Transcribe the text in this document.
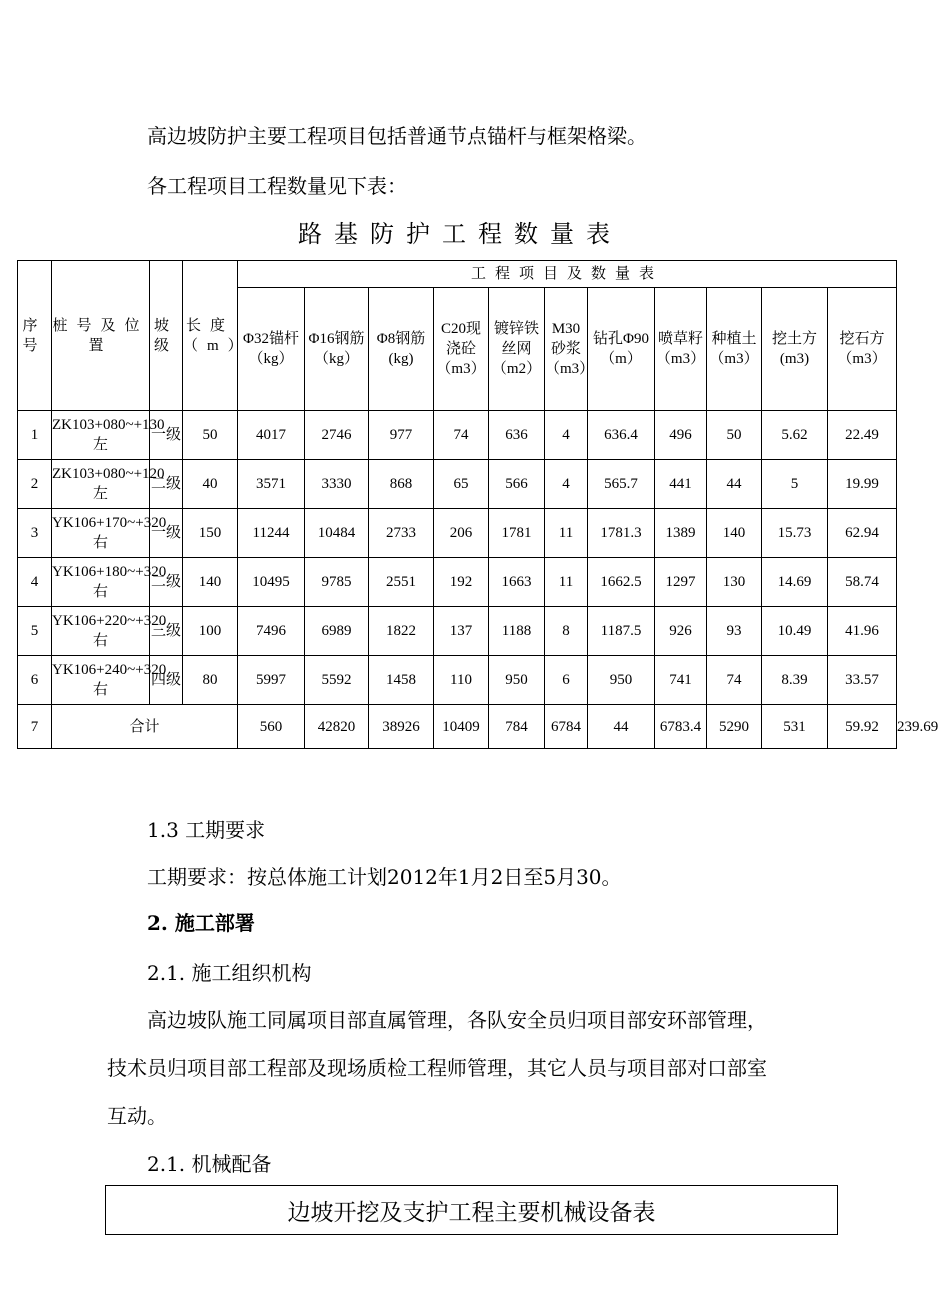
高边坡防护主要工程项目包括普通节点锚杆与框架格梁。
各工程项目工程数量见下表：
路基防护工程数量表
序号	桩号及位置	坡级	长度（m）	工程项目及数量表											
				Φ32锚杆（kg）	Φ16钢筋（kg）	Φ8钢筋(kg)	C20现浇砼（m3）	镀锌铁丝网（m2）	M30砂浆（m3）	钻孔Φ90（m）	喷草籽（m3）	种植土（m3）	挖土方(m3)	挖石方（m3）	
1	ZK103+080~+130左	一级	50	4017	2746	977	74	636	4	636.4	496	50	5.62	22.49	
2	ZK103+080~+120左	二级	40	3571	3330	868	65	566	4	565.7	441	44	5	19.99	
3	YK106+170~+320右	一级	150	11244	10484	2733	206	1781	11	1781.3	1389	140	15.73	62.94	
4	YK106+180~+320右	二级	140	10495	9785	2551	192	1663	11	1662.5	1297	130	14.69	58.74	
5	YK106+220~+320右	三级	100	7496	6989	1822	137	1188	8	1187.5	926	93	10.49	41.96	
6	YK106+240~+320右	四级	80	5997	5592	1458	110	950	6	950	741	74	8.39	33.57	
7	合计			560	42820	38926	10409	784	6784	44	6783.4	5290	531	59.92	239.69
1.3 工期要求
工期要求：按总体施工计划2012年1月2日至5月30。
2. 施工部署
2.1. 施工组织机构
高边坡队施工同属项目部直属管理，各队安全员归项目部安环部管理，
技术员归项目部工程部及现场质检工程师管理，其它人员与项目部对口部室
互动。
2.1. 机械配备
边坡开挖及支护工程主要机械设备表
